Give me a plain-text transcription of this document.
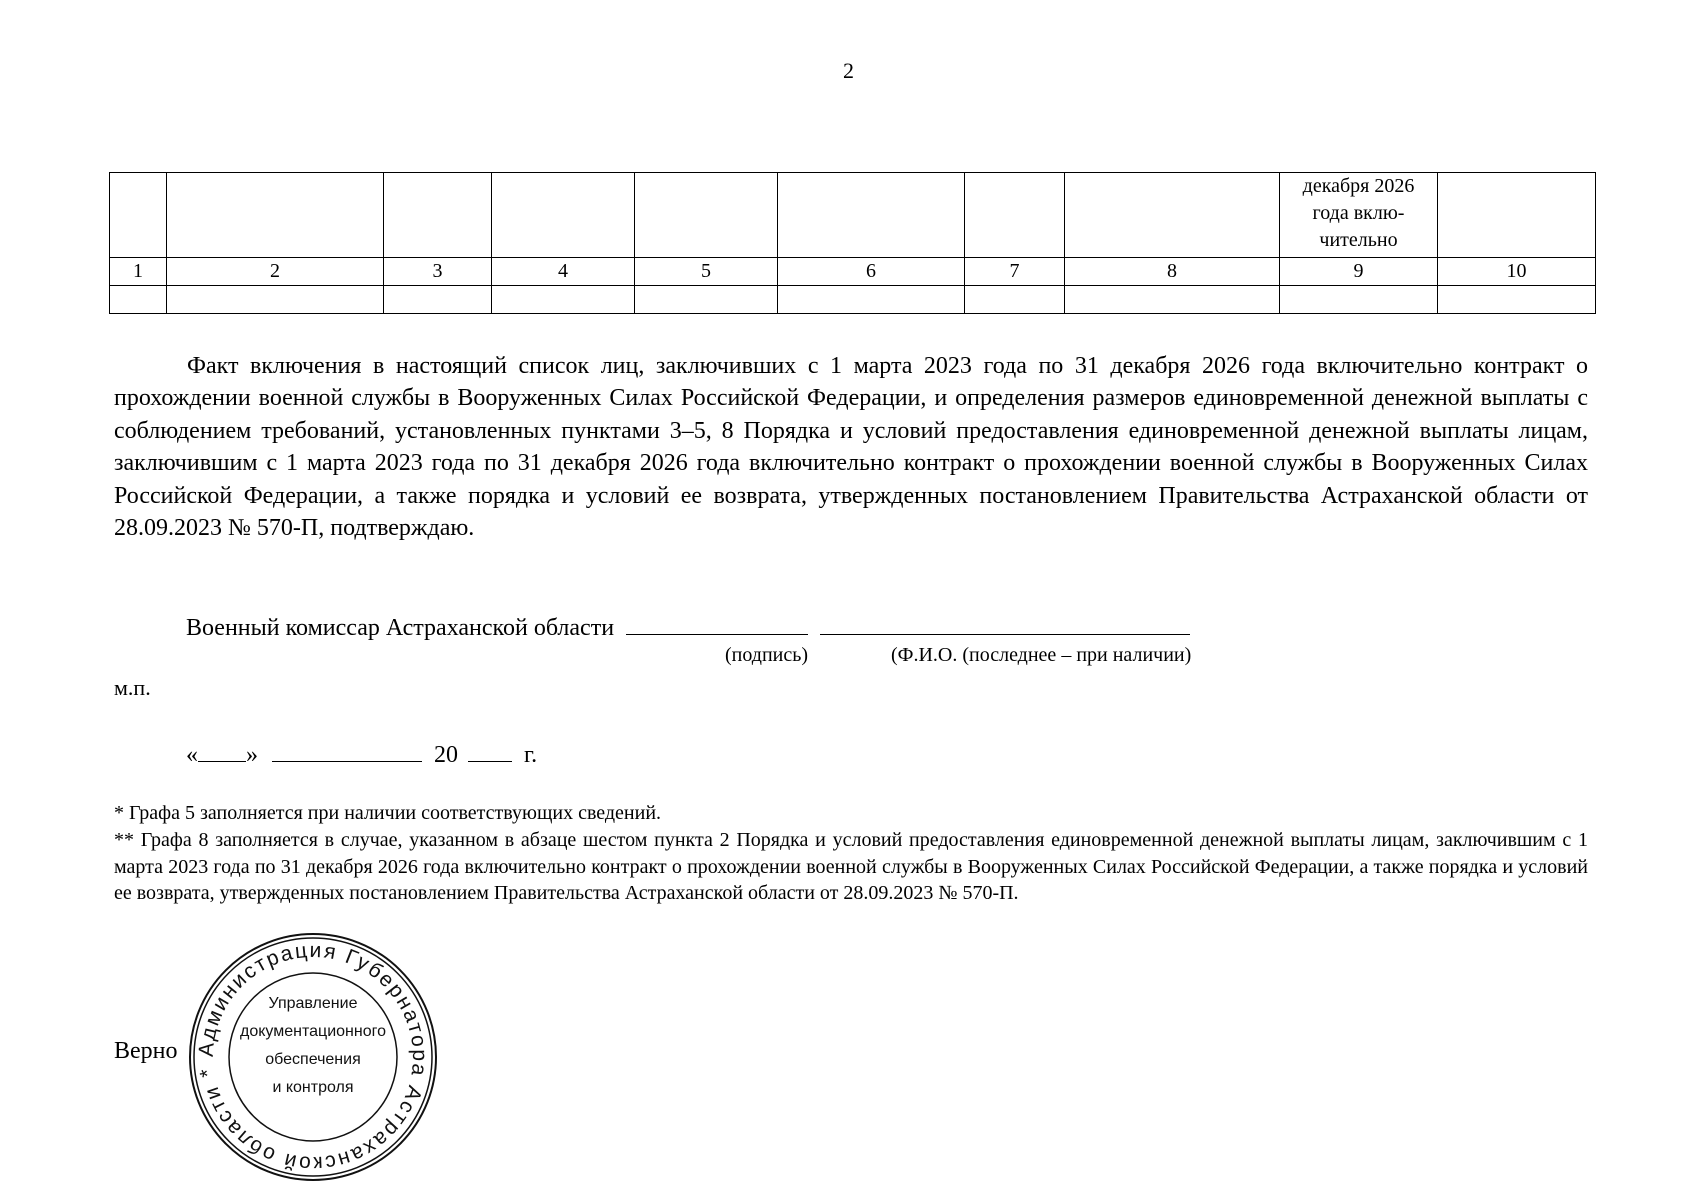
2

								декабря 2026
года вклю-
чительно	

1	2	3	4	5	6	7	8	9	10

Факт включения в настоящий список лиц, заключивших с 1 марта 2023 года по 31 декабря 2026 года включительно контракт о прохождении военной службы в Вооруженных Силах Российской Федерации, и определения размеров единовременной денежной выплаты с соблюдением требований, установленных пунктами 3–5, 8 Порядка и условий предоставления единовременной денежной выплаты лицам, заключившим с 1 марта 2023 года по 31 декабря 2026 года включительно контракт о прохождении военной службы в Вооруженных Силах Российской Федерации, а также порядка и условий ее возврата, утвержденных постановлением Правительства Астраханской области от 28.09.2023 № 570-П, подтверждаю.

Военный комиссар Астраханской области
(подпись)	(Ф.И.О. (последнее – при наличии)
м.п.
« »	20	г.

* Графа 5 заполняется при наличии соответствующих сведений.

** Графа 8 заполняется в случае, указанном в абзаце шестом пункта 2 Порядка и условий предоставления единовременной денежной выплаты лицам, заключившим с 1 марта 2023 года по 31 декабря 2026 года включительно контракт о прохождении военной службы в Вооруженных Силах Российской Федерации, а также порядка и условий ее возврата, утвержденных постановлением Правительства Астраханской области от 28.09.2023 № 570-П.

Верно Администрация Губернатора Астраханской области *
Управление
документационного
обеспечения
и контроля
